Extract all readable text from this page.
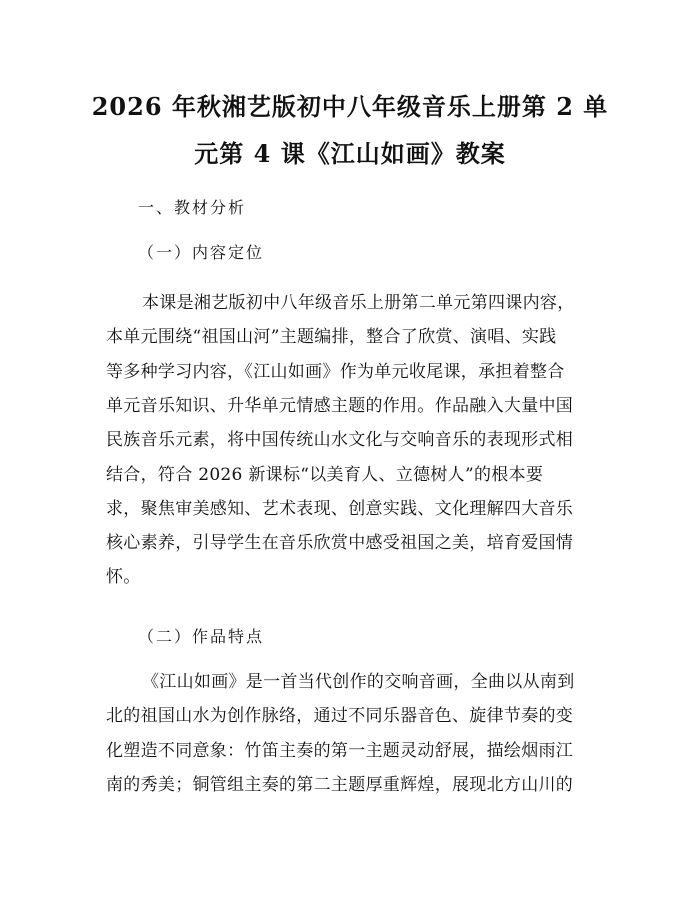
2026 年秋湘艺版初中八年级音乐上册第 2 单
元第 4 课《江山如画》教案
一、教材分析
（一）内容定位
本课是湘艺版初中八年级音乐上册第二单元第四课内容，
本单元围绕“祖国山河”主题编排，整合了欣赏、演唱、实践
等多种学习内容，《江山如画》作为单元收尾课，承担着整合
单元音乐知识、升华单元情感主题的作用。作品融入大量中国
民族音乐元素，将中国传统山水文化与交响音乐的表现形式相
结合，符合 2026 新课标“以美育人、立德树人”的根本要
求，聚焦审美感知、艺术表现、创意实践、文化理解四大音乐
核心素养，引导学生在音乐欣赏中感受祖国之美，培育爱国情
怀。
（二）作品特点
《江山如画》是一首当代创作的交响音画，全曲以从南到
北的祖国山水为创作脉络，通过不同乐器音色、旋律节奏的变
化塑造不同意象：竹笛主奏的第一主题灵动舒展，描绘烟雨江
南的秀美；铜管组主奏的第二主题厚重辉煌，展现北方山川的
